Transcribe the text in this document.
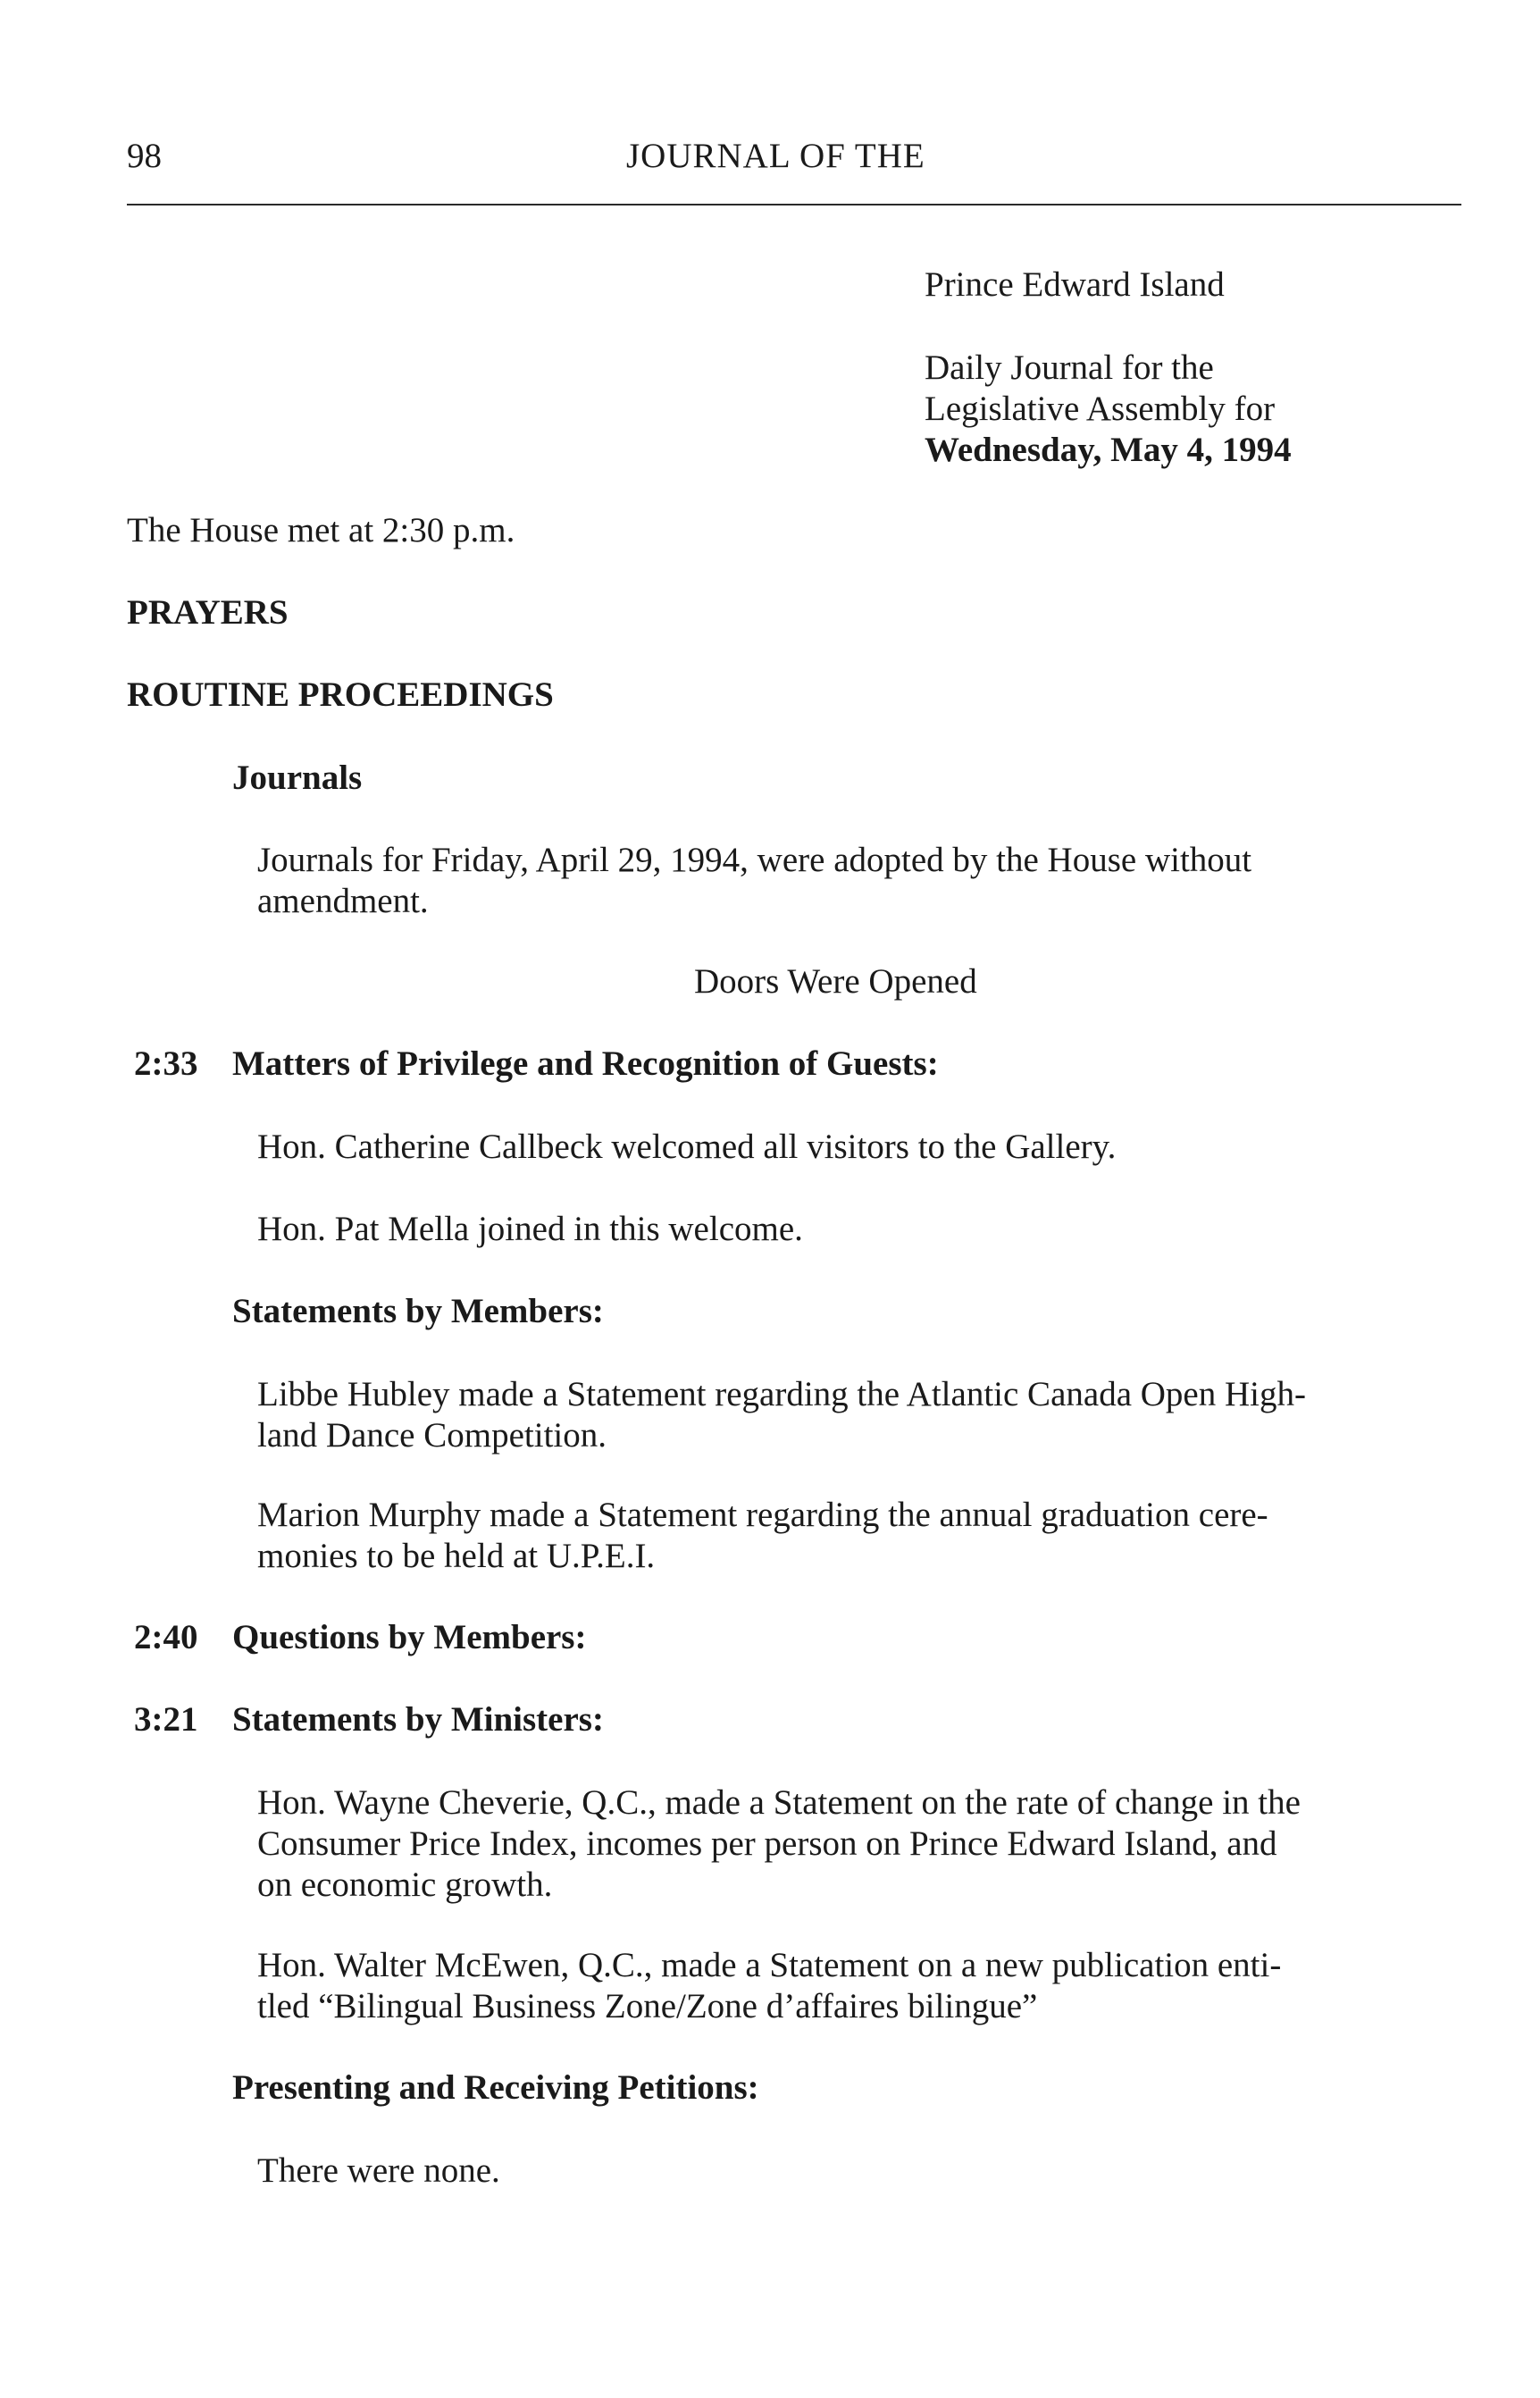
98	JOURNAL OF THE
Prince Edward Island
Daily Journal for the
Legislative Assembly for
Wednesday, May 4, 1994
The House met at 2:30 p.m.
PRAYERS
ROUTINE PROCEEDINGS
Journals
Journals for Friday, April 29, 1994, were adopted by the House without
amendment.
Doors Were Opened
2:33 Matters of Privilege and Recognition of Guests:
Hon. Catherine Callbeck welcomed all visitors to the Gallery.
Hon. Pat Mella joined in this welcome.
Statements by Members:
Libbe Hubley made a Statement regarding the Atlantic Canada Open High-
land Dance Competition.
Marion Murphy made a Statement regarding the annual graduation cere-
monies to be held at U.P.E.I.
2:40 Questions by Members:
3:21 Statements by Ministers:
Hon. Wayne Cheverie, Q.C., made a Statement on the rate of change in the
Consumer Price Index, incomes per person on Prince Edward Island, and
on economic growth.
Hon. Walter McEwen, Q.C., made a Statement on a new publication enti-
tled “Bilingual Business Zone/Zone d’affaires bilingue”
Presenting and Receiving Petitions:
There were none.
